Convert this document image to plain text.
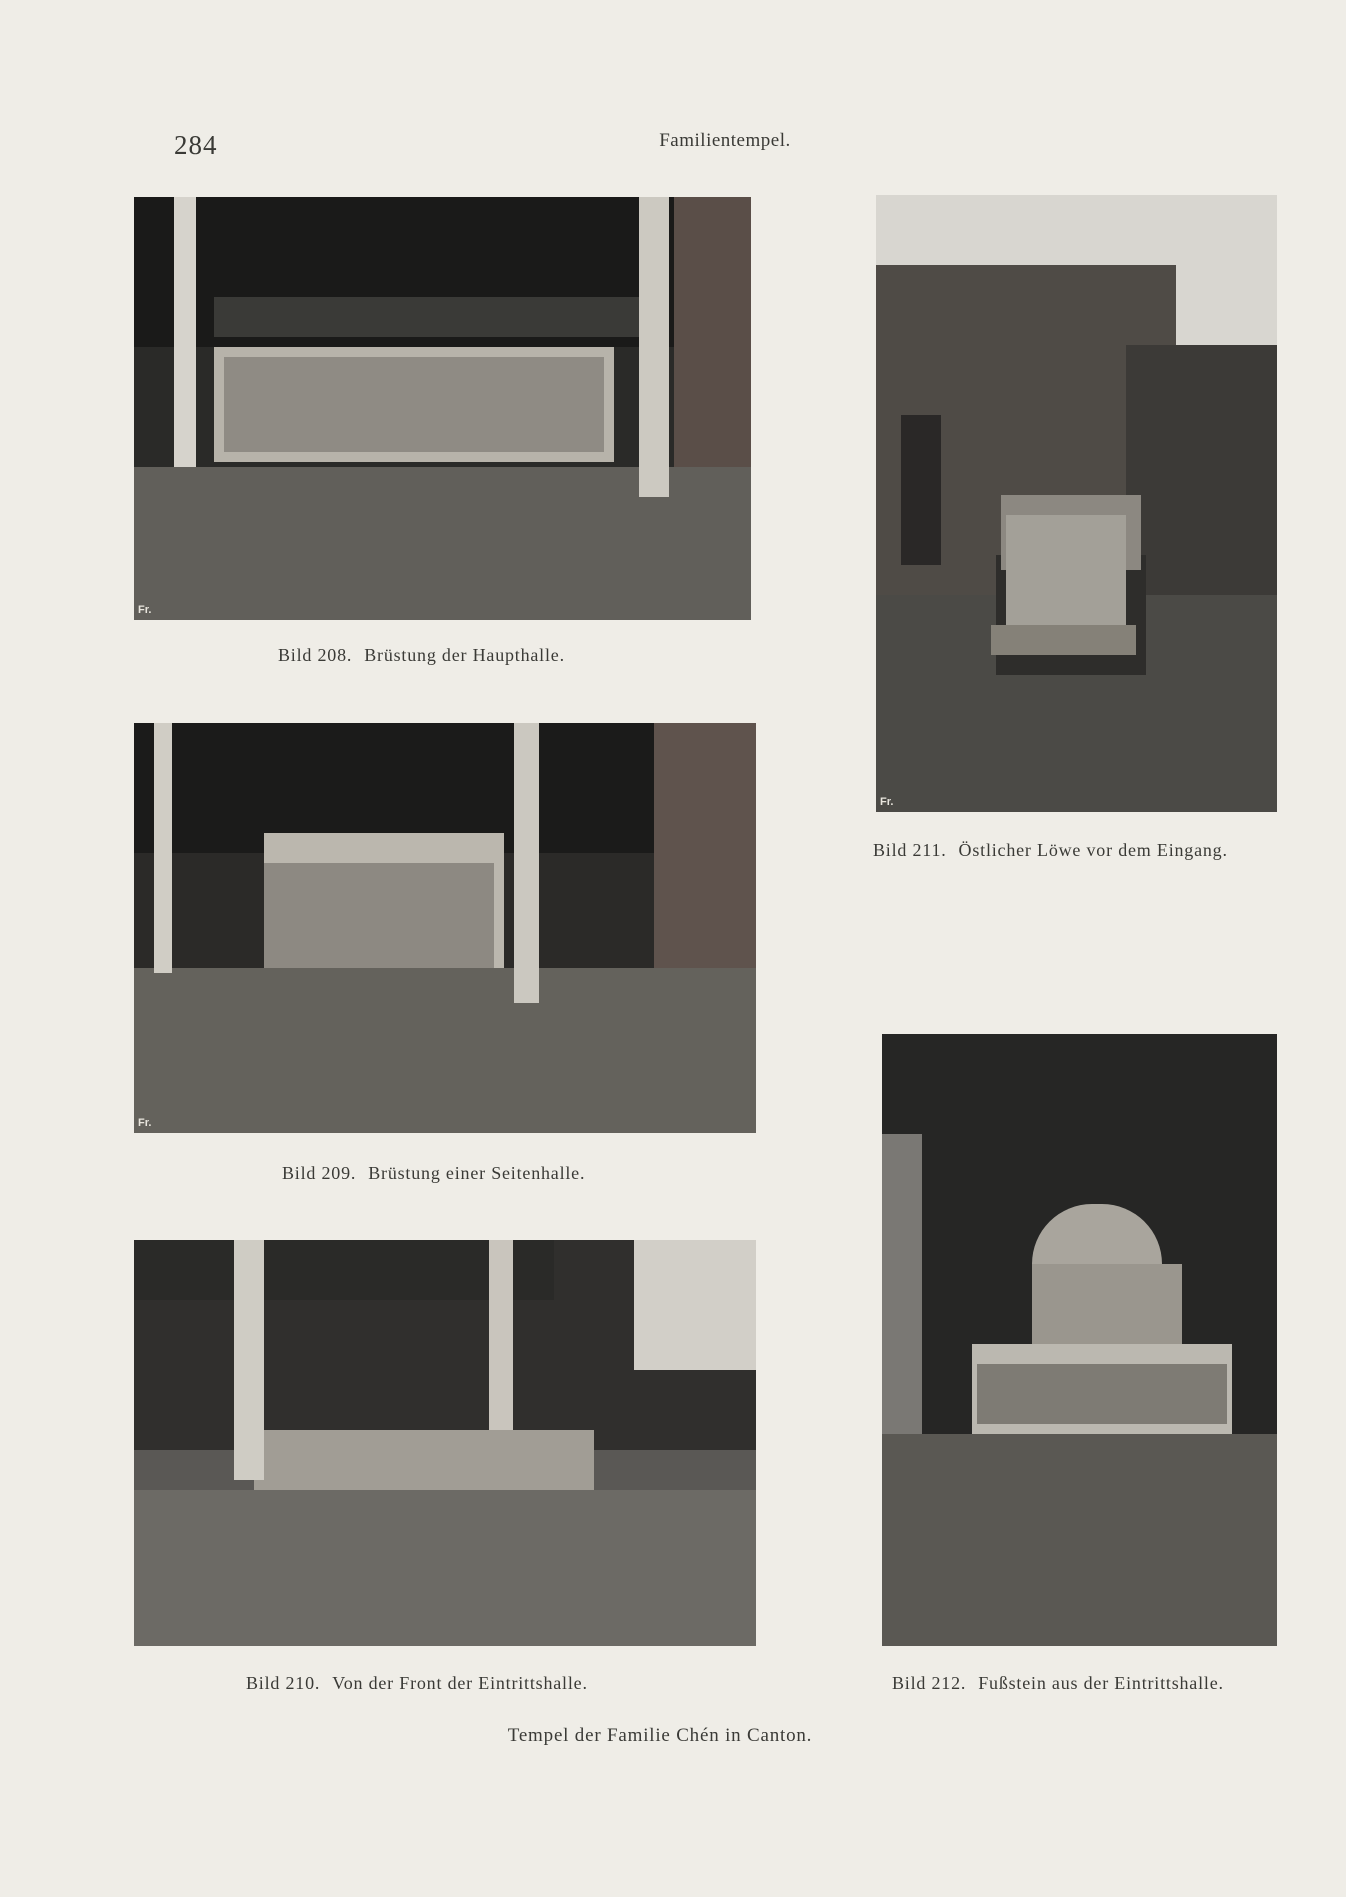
284	Familientempel.
Fr.
Bild 208. Brüstung der Haupthalle.
Fr.
Bild 211. Östlicher Löwe vor dem Eingang.
Fr.
Bild 209. Brüstung einer Seitenhalle.
Bild 212. Fußstein aus der Eintrittshalle.
Bild 210. Von der Front der Eintrittshalle.
Tempel der Familie Chén in Canton.
